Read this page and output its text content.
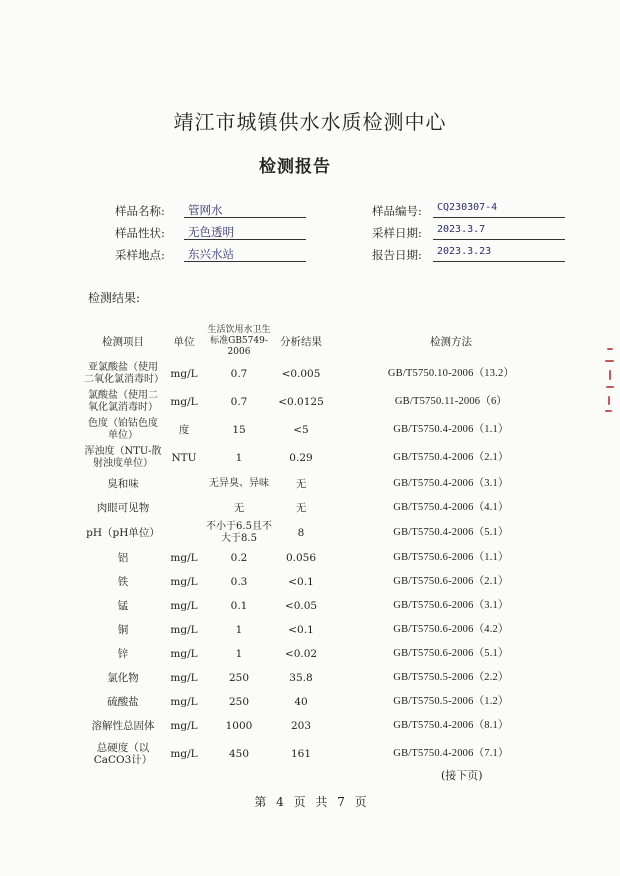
靖江市城镇供水水质检测中心
检测报告
样品名称:	管网水
样品性状:	无色透明
采样地点:	东兴水站
样品编号:	CQ230307-4
采样日期:	2023.3.7
报告日期:	2023.3.23
检测结果:
检测项目	单位	生活饮用水卫生标准GB5749-2006	分析结果	检测方法
亚氯酸盐（使用二氧化氯消毒时）	mg/L	0.7	<0.005	GB/T5750.10-2006（13.2）
氯酸盐（使用二氧化氯消毒时）	mg/L	0.7	<0.0125	GB/T5750.11-2006（6）
色度（铂钴色度单位）	度	15	<5	GB/T5750.4-2006（1.1）
浑浊度（NTU-散射浊度单位）	NTU	1	0.29	GB/T5750.4-2006（2.1）
臭和味		无异臭、异味	无	GB/T5750.4-2006（3.1）
肉眼可见物		无	无	GB/T5750.4-2006（4.1）
pH（pH单位）		不小于6.5且不大于8.5	8	GB/T5750.4-2006（5.1）
铝	mg/L	0.2	0.056	GB/T5750.6-2006（1.1）
铁	mg/L	0.3	<0.1	GB/T5750.6-2006（2.1）
锰	mg/L	0.1	<0.05	GB/T5750.6-2006（3.1）
铜	mg/L	1	<0.1	GB/T5750.6-2006（4.2）
锌	mg/L	1	<0.02	GB/T5750.6-2006（5.1）
氯化物	mg/L	250	35.8	GB/T5750.5-2006（2.2）
硫酸盐	mg/L	250	40	GB/T5750.5-2006（1.2）
溶解性总固体	mg/L	1000	203	GB/T5750.4-2006（8.1）
总硬度（以CaCO3计）	mg/L	450	161	GB/T5750.4-2006（7.1）
(接下页)
第 4 页 共 7 页
